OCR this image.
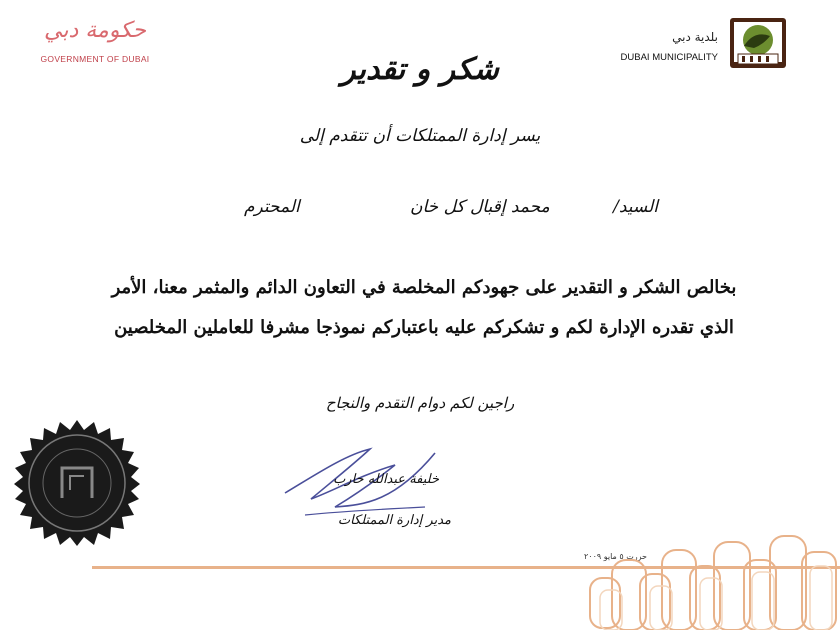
حكومة دبي
GOVERNMENT OF DUBAI
بلدية دبي
DUBAI MUNICIPALITY
شكر و تقدير
يسر إدارة الممتلكات أن تتقدم إلى
السيد/
محمد إقبال كل خان
المحترم
بخالص الشكر و التقدير على جهودكم المخلصة في التعاون الدائم والمثمر معنا، الأمر الذي تقدره الإدارة لكم و تشكركم عليه باعتباركم نموذجا مشرفا للعاملين المخلصين
راجين لكم دوام التقدم والنجاح
خليفة عبدالله حارب
مدير إدارة الممتلكات
حررت ٥ مايو ٢٠٠٩
